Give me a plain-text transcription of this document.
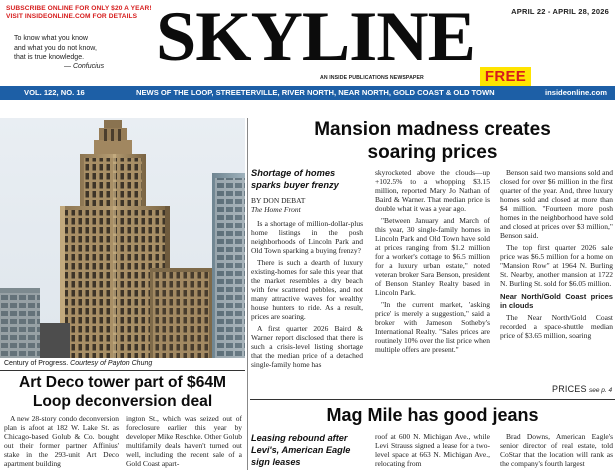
SUBSCRIBE ONLINE FOR ONLY $20 A YEAR!
VISIT INSIDEONLINE.COM FOR DETAILS
To know what you know
and what you do not know,
that is true knowledge.
— Confucius SKYLINE
AN INSIDE PUBLICATIONS NEWSPAPER
APRIL 22 - APRIL 28, 2026
FREE
VOL. 122, NO. 16	NEWS OF THE LOOP, STREETERVILLE, RIVER NORTH, NEAR NORTH, GOLD COAST & OLD TOWN	insideonline.com
Century of Progress. Courtesy of Payton Chung
Art Deco tower part of $64M
Loop deconversion deal

A new 28-story condo deconversion plan is afoot at 182 W. Lake St. as Chicago-based Golub & Co. bought out their former partner Affinius' stake in the 293-unit Art Deco apartment building

ington St., which was seized out of foreclosure earlier this year by developer Mike Reschke. Other Golub multifamily deals haven't turned out well, including the recent sale of a Gold Coast apart-

Mansion madness creates
soaring prices
Shortage of homes sparks buyer frenzy
BY DON DEBAT
The Home Front

Is a shortage of million-dollar-plus home listings in the posh neighborhoods of Lincoln Park and Old Town sparking a buying frenzy?

There is such a dearth of luxury existing-homes for sale this year that the market resembles a dry beach with few scattered pebbles, and not many attractive waves for wealthy house hunters to ride. As a result, prices are soaring.

A first quarter 2026 Baird & Warner report disclosed that there is such a crisis-level listing shortage that the median price of a detached single-family home has

skyrocketed above the clouds—up +102.5% to a whopping $3.15 million, reported Mary Jo Nathan of Baird & Warner. That median price is double what it was a year ago.

"Between January and March of this year, 30 single-family homes in Lincoln Park and Old Town have sold at prices ranging from $1.2 million for a worker's cottage to $6.5 million for a luxury urban estate," noted veteran broker Sara Benson, president of Benson Stanley Realty based in Lincoln Park.

"In the current market, 'asking price' is merely a suggestion," said a broker with Jameson Sotheby's International Realty. "Sales prices are routinely 10% over the list price when multiple offers are present."

Benson said two mansions sold and closed for over $6 million in the first quarter of the year. And, three luxury homes sold and closed at more than $4 million. "Fourteen more posh homes in the neighborhood have sold and closed at prices over $3 million," Benson said.

The top first quarter 2026 sale price was $6.5 million for a home on "Mansion Row" at 1964 N. Burling St. Nearby, another mansion at 1722 N. Burling St. sold for $6.05 million.

Near North/Gold Coast prices in clouds

The Near North/Gold Coast recorded a space-shuttle median price of $3.65 million, soaring

PRICES see p. 4
Mag Mile has good jeans
Leasing rebound after Levi's, American Eagle sign leases

roof at 600 N. Michigan Ave., while Levi Strauss signed a lease for a two-level space at 663 N. Michigan Ave., relocating from

Brad Downs, American Eagle's senior director of real estate, told CoStar that the location will rank as the company's fourth largest
